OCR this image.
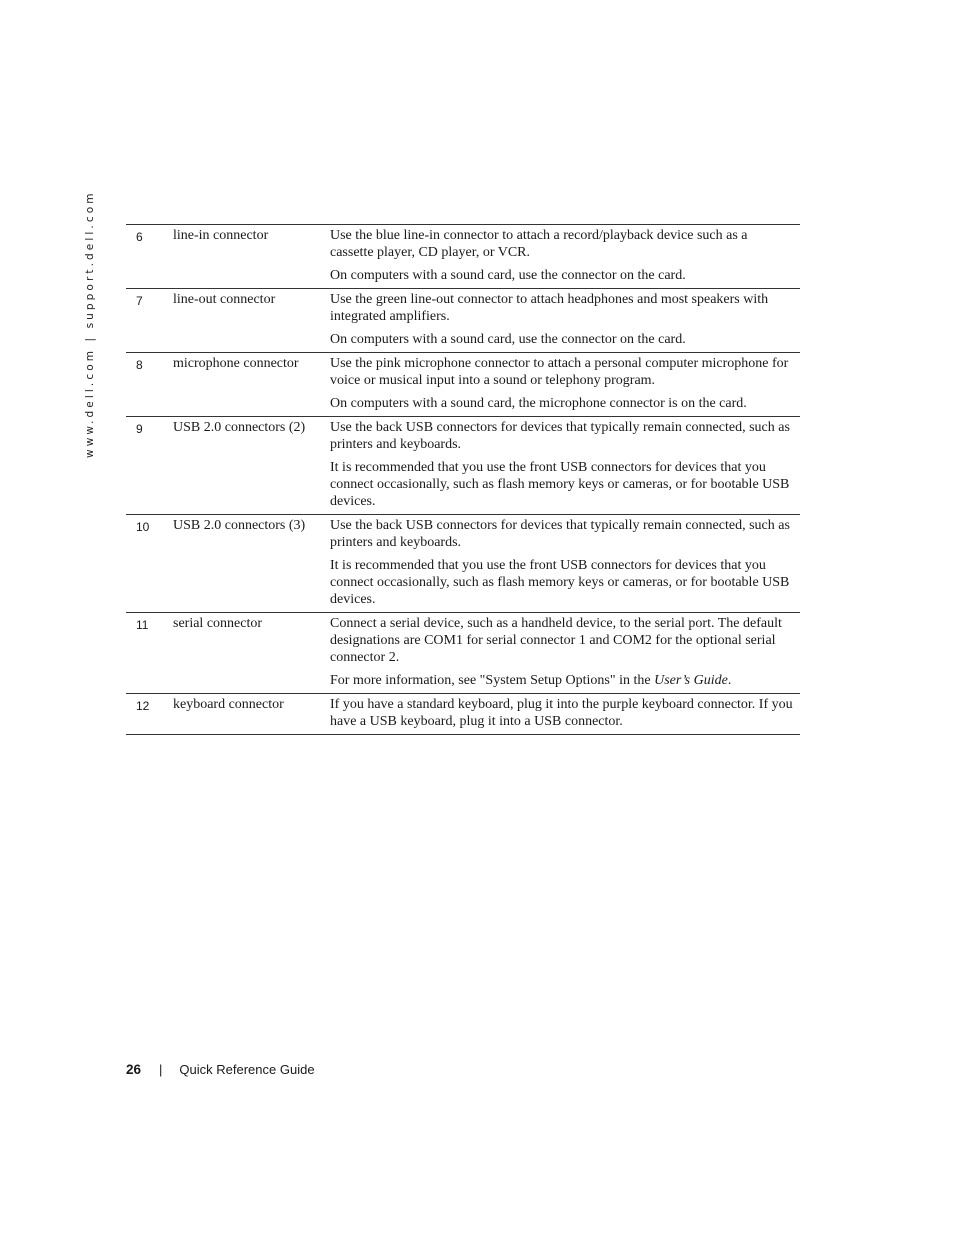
www.dell.com | support.dell.com	6	line-in connector	Use the blue line-in connector to attach a record/playback device such as a cassette player, CD player, or VCR.

On computers with a sound card, use the connector on the card.

7	line-out connector	Use the green line-out connector to attach headphones and most speakers with integrated amplifiers.

On computers with a sound card, use the connector on the card.

8	microphone connector	Use the pink microphone connector to attach a personal computer microphone for voice or musical input into a sound or telephony program.

On computers with a sound card, the microphone connector is on the card.

9	USB 2.0 connectors (2)	Use the back USB connectors for devices that typically remain connected, such as printers and keyboards.

It is recommended that you use the front USB connectors for devices that you connect occasionally, such as flash memory keys or cameras, or for bootable USB devices.

10	USB 2.0 connectors (3)	Use the back USB connectors for devices that typically remain connected, such as printers and keyboards.

It is recommended that you use the front USB connectors for devices that you connect occasionally, such as flash memory keys or cameras, or for bootable USB devices.

11	serial connector	Connect a serial device, such as a handheld device, to the serial port. The default designations are COM1 for serial connector 1 and COM2 for the optional serial connector 2.

For more information, see "System Setup Options" in the User’s Guide.

12	keyboard connector	If you have a standard keyboard, plug it into the purple keyboard connector. If you have a USB keyboard, plug it into a USB connector.

26 | Quick Reference Guide
